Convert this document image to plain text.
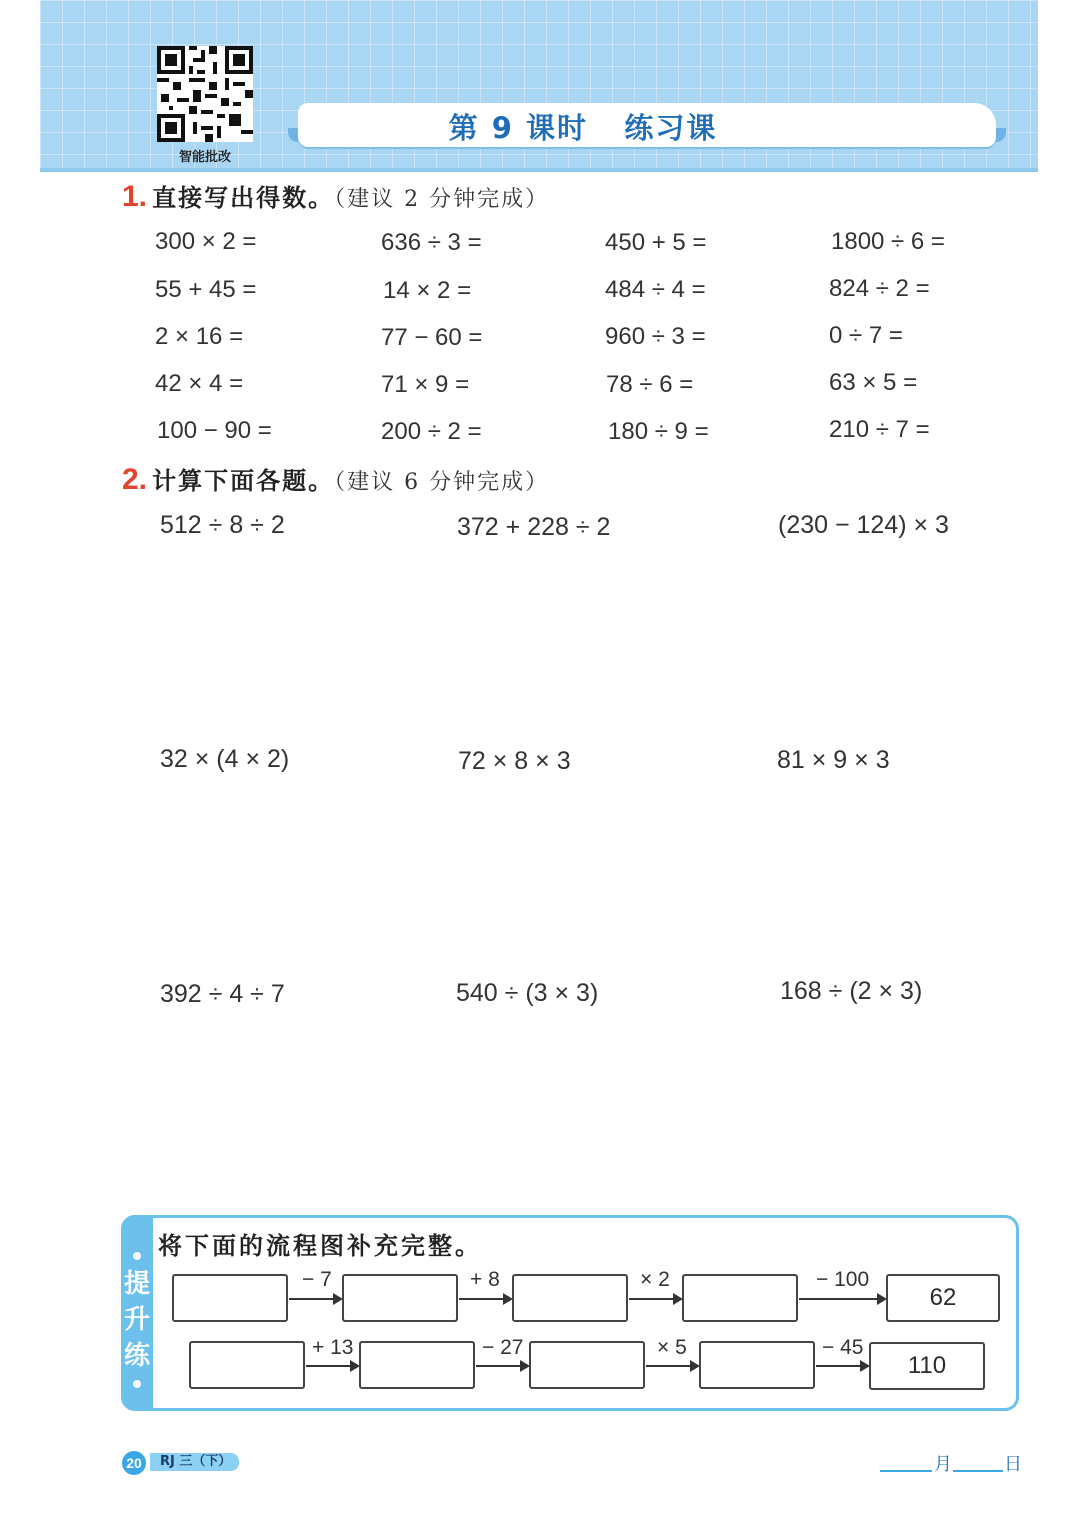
智能批改
第 9 课时 练习课
1. 直接写出得数。（建议 2 分钟完成）
300 × 2 =	636 ÷ 3 =	450 + 5 =	1800 ÷ 6 =
55 + 45 =	14 × 2 =	484 ÷ 4 =	824 ÷ 2 =
2 × 16 =	77 − 60 =	960 ÷ 3 =	0 ÷ 7 =
42 × 4 =	71 × 9 =	78 ÷ 6 =	63 × 5 =
100 − 90 =	200 ÷ 2 =	180 ÷ 9 =	210 ÷ 7 =
2. 计算下面各题。（建议 6 分钟完成）
512 ÷ 8 ÷ 2	372 + 228 ÷ 2	(230 − 124) × 3
32 × (4 × 2)	72 × 8 × 3	81 × 9 × 3
392 ÷ 4 ÷ 7	540 ÷ (3 × 3)	168 ÷ (2 × 3)
提
升
练
将下面的流程图补充完整。
− 7	+ 8	× 2	− 100
62
+ 13	− 27	× 5	− 45
110
20	RJ 三（下）	月	日
